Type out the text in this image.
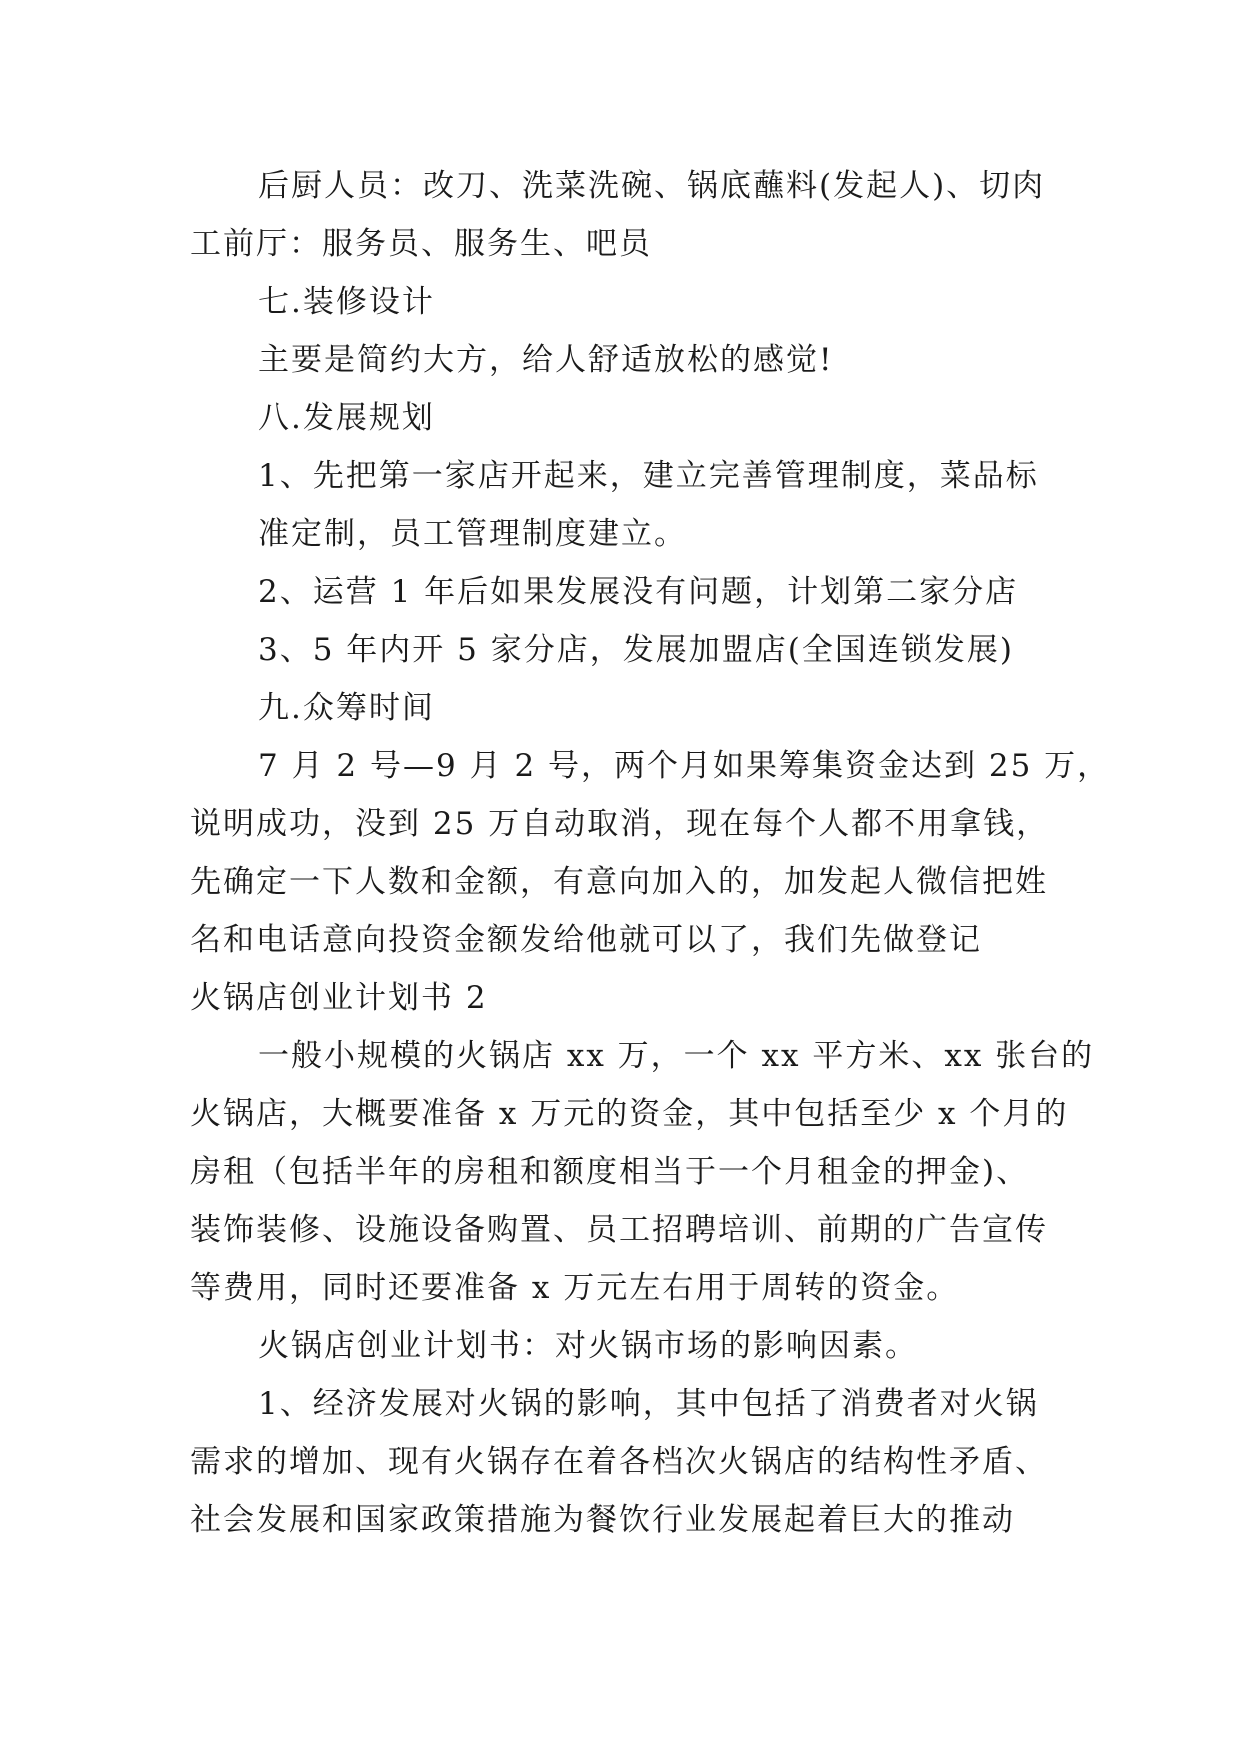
后厨人员：改刀、洗菜洗碗、锅底蘸料(发起人)、切肉
工前厅：服务员、服务生、吧员
七.装修设计
主要是简约大方，给人舒适放松的感觉!
八.发展规划
1、先把第一家店开起来，建立完善管理制度，菜品标
准定制，员工管理制度建立。
2、运营 1 年后如果发展没有问题，计划第二家分店
3、5 年内开 5 家分店，发展加盟店(全国连锁发展)
九.众筹时间
7 月 2 号—9 月 2 号，两个月如果筹集资金达到 25 万，
说明成功，没到 25 万自动取消，现在每个人都不用拿钱，
先确定一下人数和金额，有意向加入的，加发起人微信把姓
名和电话意向投资金额发给他就可以了，我们先做登记
火锅店创业计划书 2
一般小规模的火锅店 xx 万，一个 xx 平方米、xx 张台的
火锅店，大概要准备 x 万元的资金，其中包括至少 x 个月的
房租（包括半年的房租和额度相当于一个月租金的押金)、
装饰装修、设施设备购置、员工招聘培训、前期的广告宣传
等费用，同时还要准备 x 万元左右用于周转的资金。
火锅店创业计划书：对火锅市场的影响因素。
1、经济发展对火锅的影响，其中包括了消费者对火锅
需求的增加、现有火锅存在着各档次火锅店的结构性矛盾、
社会发展和国家政策措施为餐饮行业发展起着巨大的推动
